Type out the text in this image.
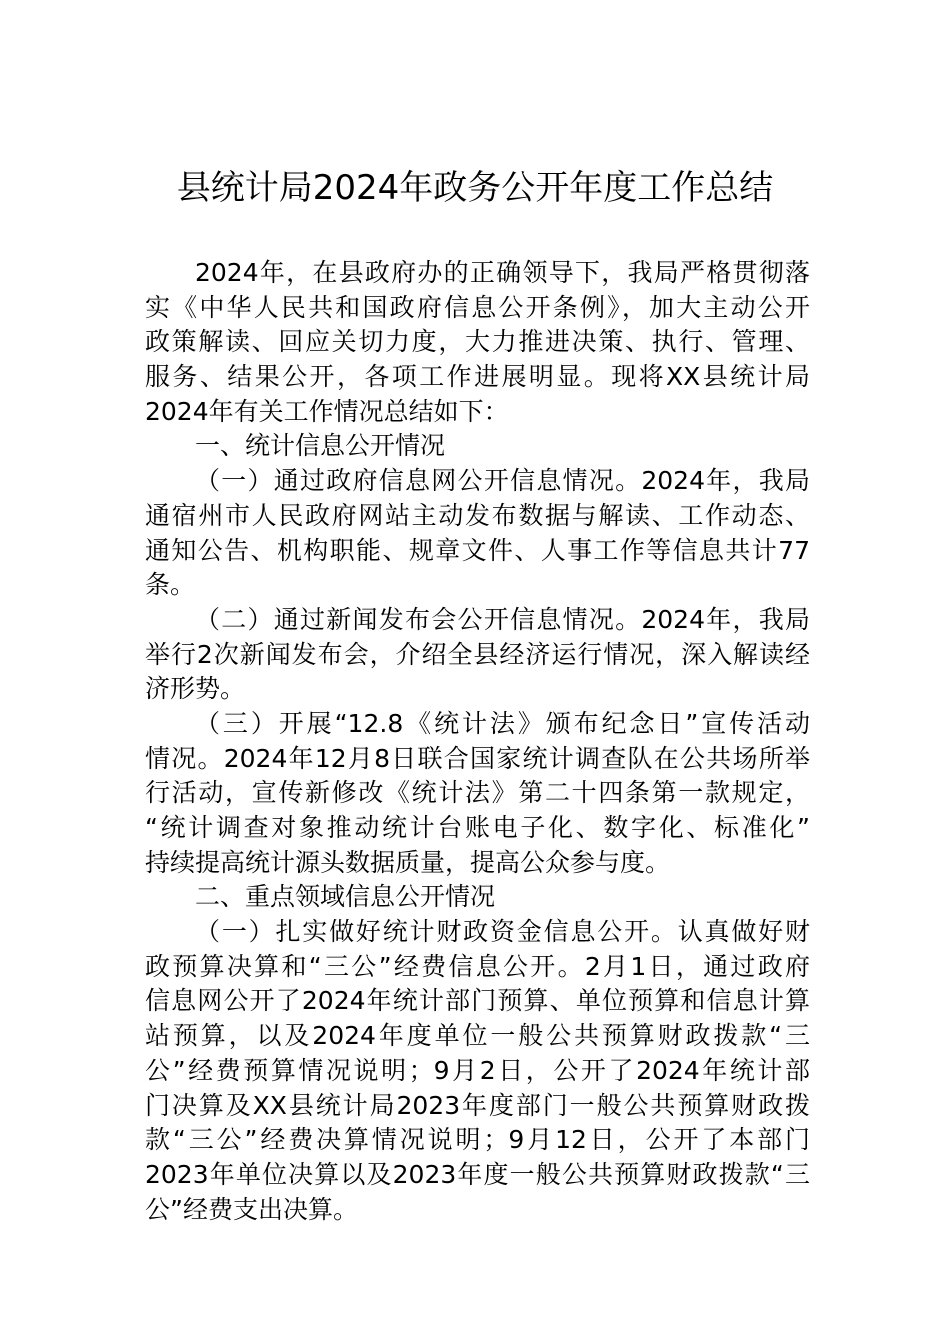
县统计局2024年政务公开年度工作总结
2024年，在县政府办的正确领导下，我局严格贯彻落
实《中华人民共和国政府信息公开条例》，加大主动公开
政策解读、回应关切力度，大力推进决策、执行、管理、
服务、结果公开，各项工作进展明显。现将XX县统计局
2024年有关工作情况总结如下：
一、统计信息公开情况
（一）通过政府信息网公开信息情况。2024年，我局
通宿州市人民政府网站主动发布数据与解读、工作动态、
通知公告、机构职能、规章文件、人事工作等信息共计77
条。
（二）通过新闻发布会公开信息情况。2024年，我局
举行2次新闻发布会，介绍全县经济运行情况，深入解读经
济形势。
（三）开展“12.8《统计法》颁布纪念日”宣传活动
情况。2024年12月8日联合国家统计调查队在公共场所举
行活动，宣传新修改《统计法》第二十四条第一款规定，
“统计调查对象推动统计台账电子化、数字化、标准化”
持续提高统计源头数据质量，提高公众参与度。
二、重点领域信息公开情况
（一）扎实做好统计财政资金信息公开。认真做好财
政预算决算和“三公”经费信息公开。2月1日，通过政府
信息网公开了2024年统计部门预算、单位预算和信息计算
站预算，以及2024年度单位一般公共预算财政拨款“三
公”经费预算情况说明；9月2日，公开了2024年统计部
门决算及XX县统计局2023年度部门一般公共预算财政拨
款“三公”经费决算情况说明；9月12日，公开了本部门
2023年单位决算以及2023年度一般公共预算财政拨款“三
公”经费支出决算。
